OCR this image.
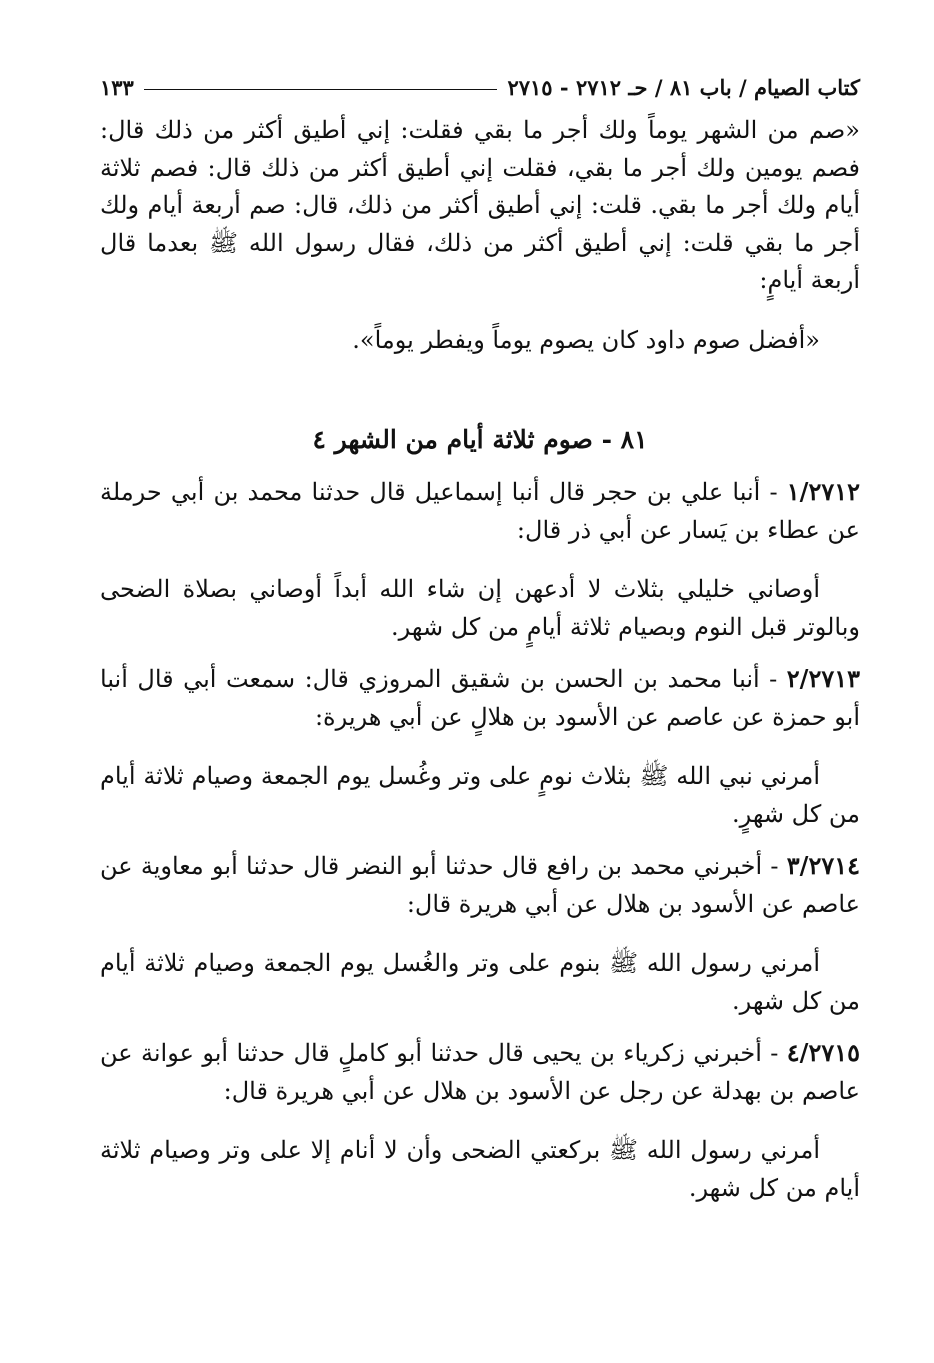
كتاب الصيام / باب ٨١ / حـ ٢٧١٢ - ٢٧١٥
١٣٣

«صم من الشهر يوماً ولك أجر ما بقي فقلت: إني أطيق أكثر من ذلك قال: فصم يومين ولك أجر ما بقي، فقلت إني أطيق أكثر من ذلك قال: فصم ثلاثة أيام ولك أجر ما بقي. قلت: إني أطيق أكثر من ذلك، قال: صم أربعة أيام ولك أجر ما بقي قلت: إني أطيق أكثر من ذلك، فقال رسول الله ﷺ بعدما قال أربعة أيامٍ:

«أفضل صوم داود كان يصوم يوماً ويفطر يوماً».

٨١ - صوم ثلاثة أيام من الشهر ٤

١/٢٧١٢ - أنبا علي بن حجر قال أنبا إسماعيل قال حدثنا محمد بن أبي حرملة عن عطاء بن يَسار عن أبي ذر قال:

أوصاني خليلي بثلاث لا أدعهن إن شاء الله أبداً أوصاني بصلاة الضحى وبالوتر قبل النوم وبصيام ثلاثة أيامٍ من كل شهر.

٢/٢٧١٣ - أنبا محمد بن الحسن بن شقيق المروزي قال: سمعت أبي قال أنبا أبو حمزة عن عاصم عن الأسود بن هلالٍ عن أبي هريرة:

أمرني نبي الله ﷺ بثلاث نومٍ على وتر وغُسل يوم الجمعة وصيام ثلاثة أيام من كل شهرٍ.

٣/٢٧١٤ - أخبرني محمد بن رافع قال حدثنا أبو النضر قال حدثنا أبو معاوية عن عاصم عن الأسود بن هلال عن أبي هريرة قال:

أمرني رسول الله ﷺ بنوم على وتر والغُسل يوم الجمعة وصيام ثلاثة أيام من كل شهر.

٤/٢٧١٥ - أخبرني زكرياء بن يحيى قال حدثنا أبو كاملٍ قال حدثنا أبو عوانة عن عاصم بن بهدلة عن رجل عن الأسود بن هلال عن أبي هريرة قال:

أمرني رسول الله ﷺ بركعتي الضحى وأن لا أنام إلا على وتر وصيام ثلاثة أيام من كل شهر.
